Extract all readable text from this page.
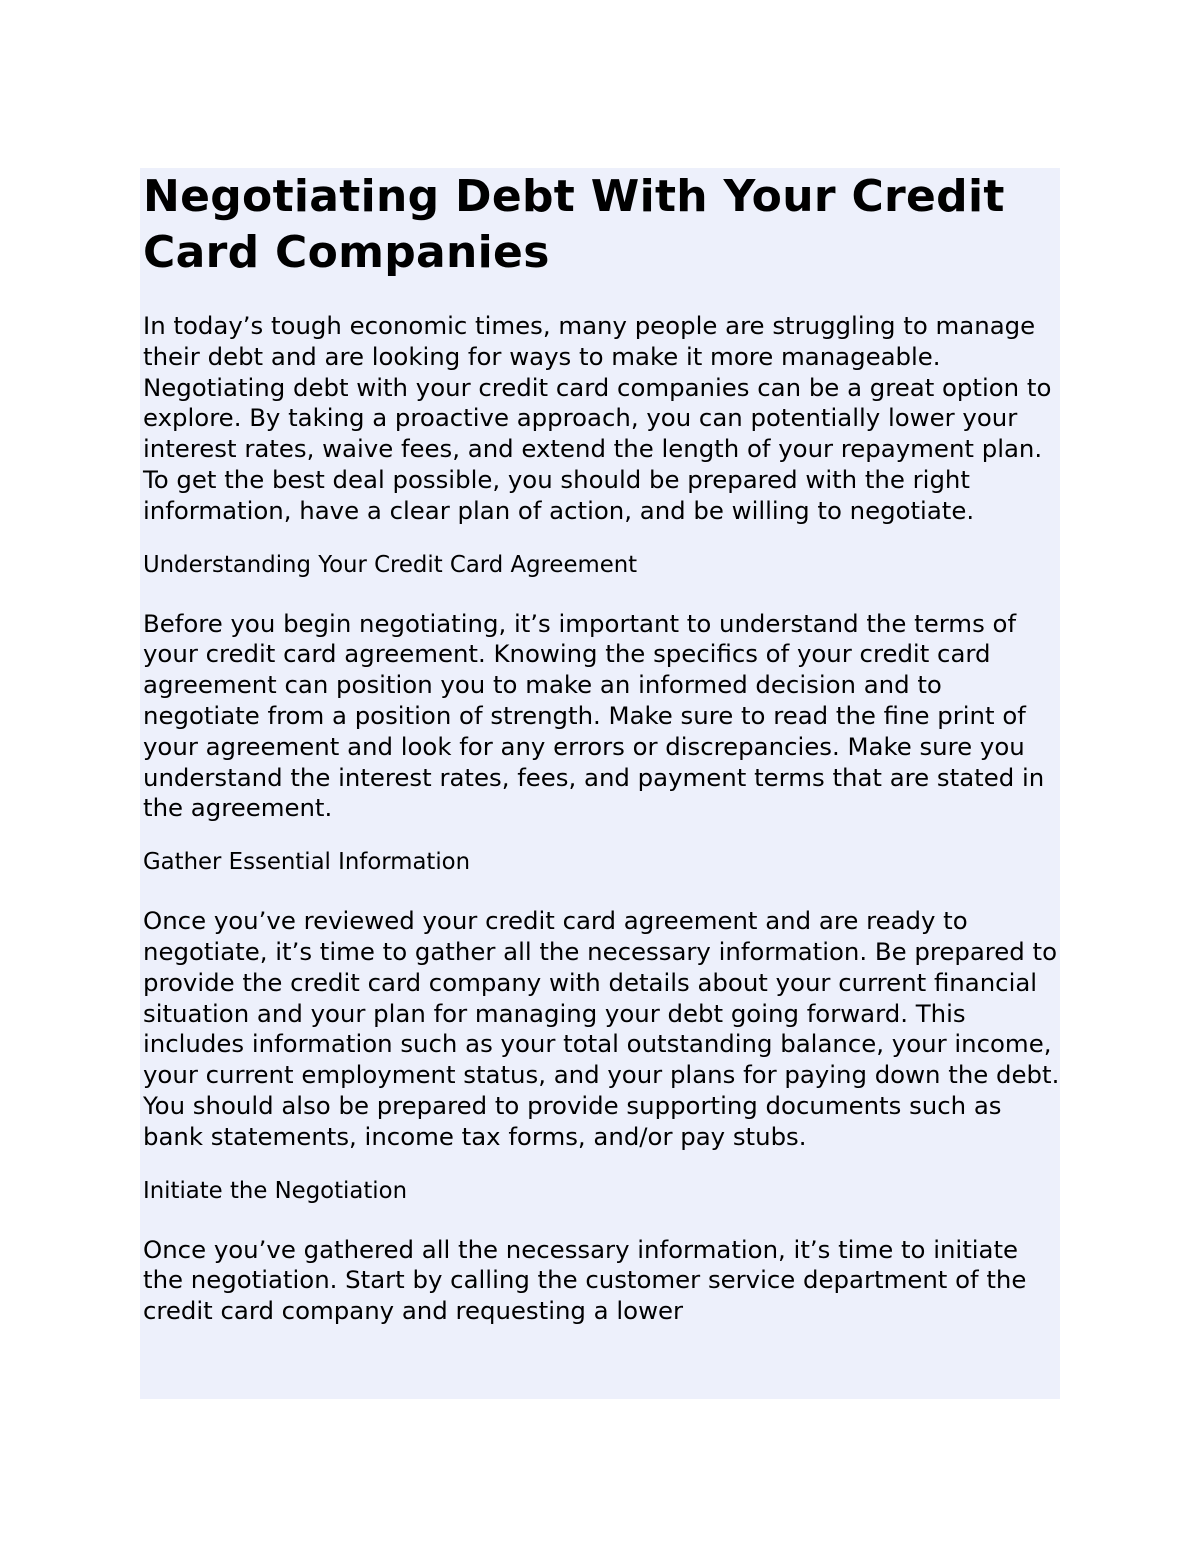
Negotiating Debt With Your Credit Card Companies

In today’s tough economic times, many people are struggling to manage their debt and are looking for ways to make it more manageable. Negotiating debt with your credit card companies can be a great option to explore. By taking a proactive approach, you can potentially lower your interest rates, waive fees, and extend the length of your repayment plan. To get the best deal possible, you should be prepared with the right information, have a clear plan of action, and be willing to negotiate.

Understanding Your Credit Card Agreement

Before you begin negotiating, it’s important to understand the terms of your credit card agreement. Knowing the specifics of your credit card agreement can position you to make an informed decision and to negotiate from a position of strength. Make sure to read the fine print of your agreement and look for any errors or discrepancies. Make sure you understand the interest rates, fees, and payment terms that are stated in the agreement.

Gather Essential Information

Once you’ve reviewed your credit card agreement and are ready to negotiate, it’s time to gather all the necessary information. Be prepared to provide the credit card company with details about your current financial situation and your plan for managing your debt going forward. This includes information such as your total outstanding balance, your income, your current employment status, and your plans for paying down the debt. You should also be prepared to provide supporting documents such as bank statements, income tax forms, and/or pay stubs.

Initiate the Negotiation

Once you’ve gathered all the necessary information, it’s time to initiate the negotiation. Start by calling the customer service department of the credit card company and requesting a lower
